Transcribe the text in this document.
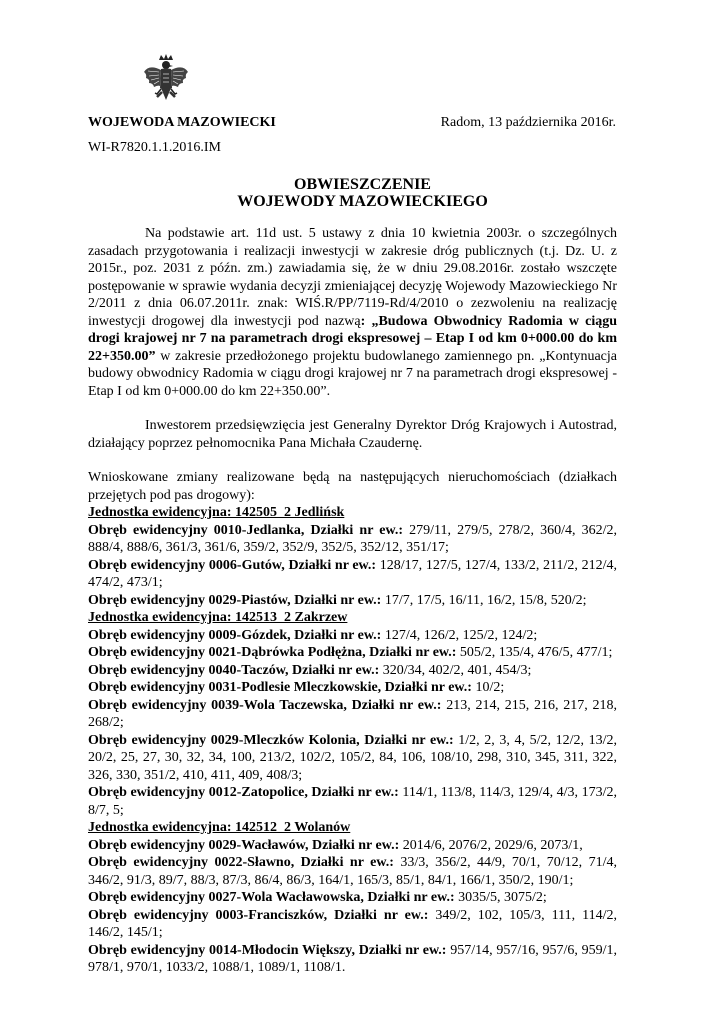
WOJEWODA MAZOWIECKI	Radom, 13 października 2016r.
WI-R7820.1.1.2016.IM
OBWIESZCZENIE
WOJEWODY MAZOWIECKIEGO

Na podstawie art. 11d ust. 5 ustawy z dnia 10 kwietnia 2003r. o szczególnych zasadach przygotowania i realizacji inwestycji w zakresie dróg publicznych (t.j. Dz. U. z 2015r., poz. 2031 z późn. zm.) zawiadamia się, że w dniu 29.08.2016r. zostało wszczęte postępowanie w sprawie wydania decyzji zmieniającej decyzję Wojewody Mazowieckiego Nr 2/2011 z dnia 06.07.2011r. znak: WIŚ.R/PP/7119-Rd/4/2010 o zezwoleniu na realizację inwestycji drogowej dla inwestycji pod nazwą: „Budowa Obwodnicy Radomia w ciągu drogi krajowej nr 7 na parametrach drogi ekspresowej – Etap I od km 0+000.00 do km 22+350.00” w zakresie przedłożonego projektu budowlanego zamiennego pn. „Kontynuacja budowy obwodnicy Radomia w ciągu drogi krajowej nr 7 na parametrach drogi ekspresowej - Etap I od km 0+000.00 do km 22+350.00”.

Inwestorem przedsięwzięcia jest Generalny Dyrektor Dróg Krajowych i Autostrad, działający poprzez pełnomocnika Pana Michała Czaudernę.

Wnioskowane zmiany realizowane będą na następujących nieruchomościach (działkach przejętych pod pas drogowy):

Jednostka ewidencyjna: 142505_2 Jedlińsk

Obręb ewidencyjny 0010-Jedlanka, Działki nr ew.: 279/11, 279/5, 278/2, 360/4, 362/2, 888/4, 888/6, 361/3, 361/6, 359/2, 352/9, 352/5, 352/12, 351/17;

Obręb ewidencyjny 0006-Gutów, Działki nr ew.: 128/17, 127/5, 127/4, 133/2, 211/2, 212/4, 474/2, 473/1;

Obręb ewidencyjny 0029-Piastów, Działki nr ew.: 17/7, 17/5, 16/11, 16/2, 15/8, 520/2;

Jednostka ewidencyjna: 142513_2 Zakrzew

Obręb ewidencyjny 0009-Gózdek, Działki nr ew.: 127/4, 126/2, 125/2, 124/2;

Obręb ewidencyjny 0021-Dąbrówka Podłężna, Działki nr ew.: 505/2, 135/4, 476/5, 477/1;

Obręb ewidencyjny 0040-Taczów, Działki nr ew.: 320/34, 402/2, 401, 454/3;

Obręb ewidencyjny 0031-Podlesie Mleczkowskie, Działki nr ew.: 10/2;

Obręb ewidencyjny 0039-Wola Taczewska, Działki nr ew.: 213, 214, 215, 216, 217, 218, 268/2;

Obręb ewidencyjny 0029-Mleczków Kolonia, Działki nr ew.: 1/2, 2, 3, 4, 5/2, 12/2, 13/2, 20/2, 25, 27, 30, 32, 34, 100, 213/2, 102/2, 105/2, 84, 106, 108/10, 298, 310, 345, 311, 322, 326, 330, 351/2, 410, 411, 409, 408/3;

Obręb ewidencyjny 0012-Zatopolice, Działki nr ew.: 114/1, 113/8, 114/3, 129/4, 4/3, 173/2, 8/7, 5;

Jednostka ewidencyjna: 142512_2 Wolanów

Obręb ewidencyjny 0029-Wacławów, Działki nr ew.: 2014/6, 2076/2, 2029/6, 2073/1,

Obręb ewidencyjny 0022-Sławno, Działki nr ew.: 33/3, 356/2, 44/9, 70/1, 70/12, 71/4, 346/2, 91/3, 89/7, 88/3, 87/3, 86/4, 86/3, 164/1, 165/3, 85/1, 84/1, 166/1, 350/2, 190/1;

Obręb ewidencyjny 0027-Wola Wacławowska, Działki nr ew.: 3035/5, 3075/2;

Obręb ewidencyjny 0003-Franciszków, Działki nr ew.: 349/2, 102, 105/3, 111, 114/2, 146/2, 145/1;

Obręb ewidencyjny 0014-Młodocin Większy, Działki nr ew.: 957/14, 957/16, 957/6, 959/1, 978/1, 970/1, 1033/2, 1088/1, 1089/1, 1108/1.
